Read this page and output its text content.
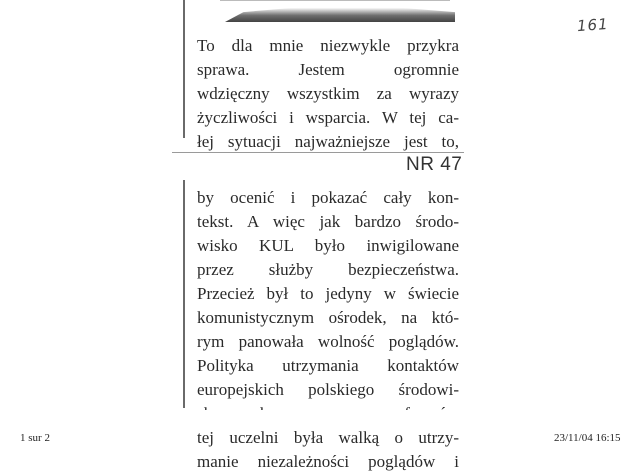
161
To dla mnie niezwykle przykra
sprawa. Jestem ogromnie
wdzięczny wszystkim za wyrazy
życzliwości i wsparcia. W tej ca-
łej sytuacji najważniejsze jest to,
NR 47
by ocenić i pokazać cały kon-
tekst. A więc jak bardzo środo-
wisko KUL było inwigilowane
przez służby bezpieczeństwa.
Przecież był to jedyny w świecie
komunistycznym ośrodek, na któ-
rym panowała wolność poglądów.
Polityka utrzymania kontaktów
europejskich polskiego środowi-
tej uczelni była walką o utrzy-
manie niezależności poglądów i
1 sur 2	23/11/04 16:15
